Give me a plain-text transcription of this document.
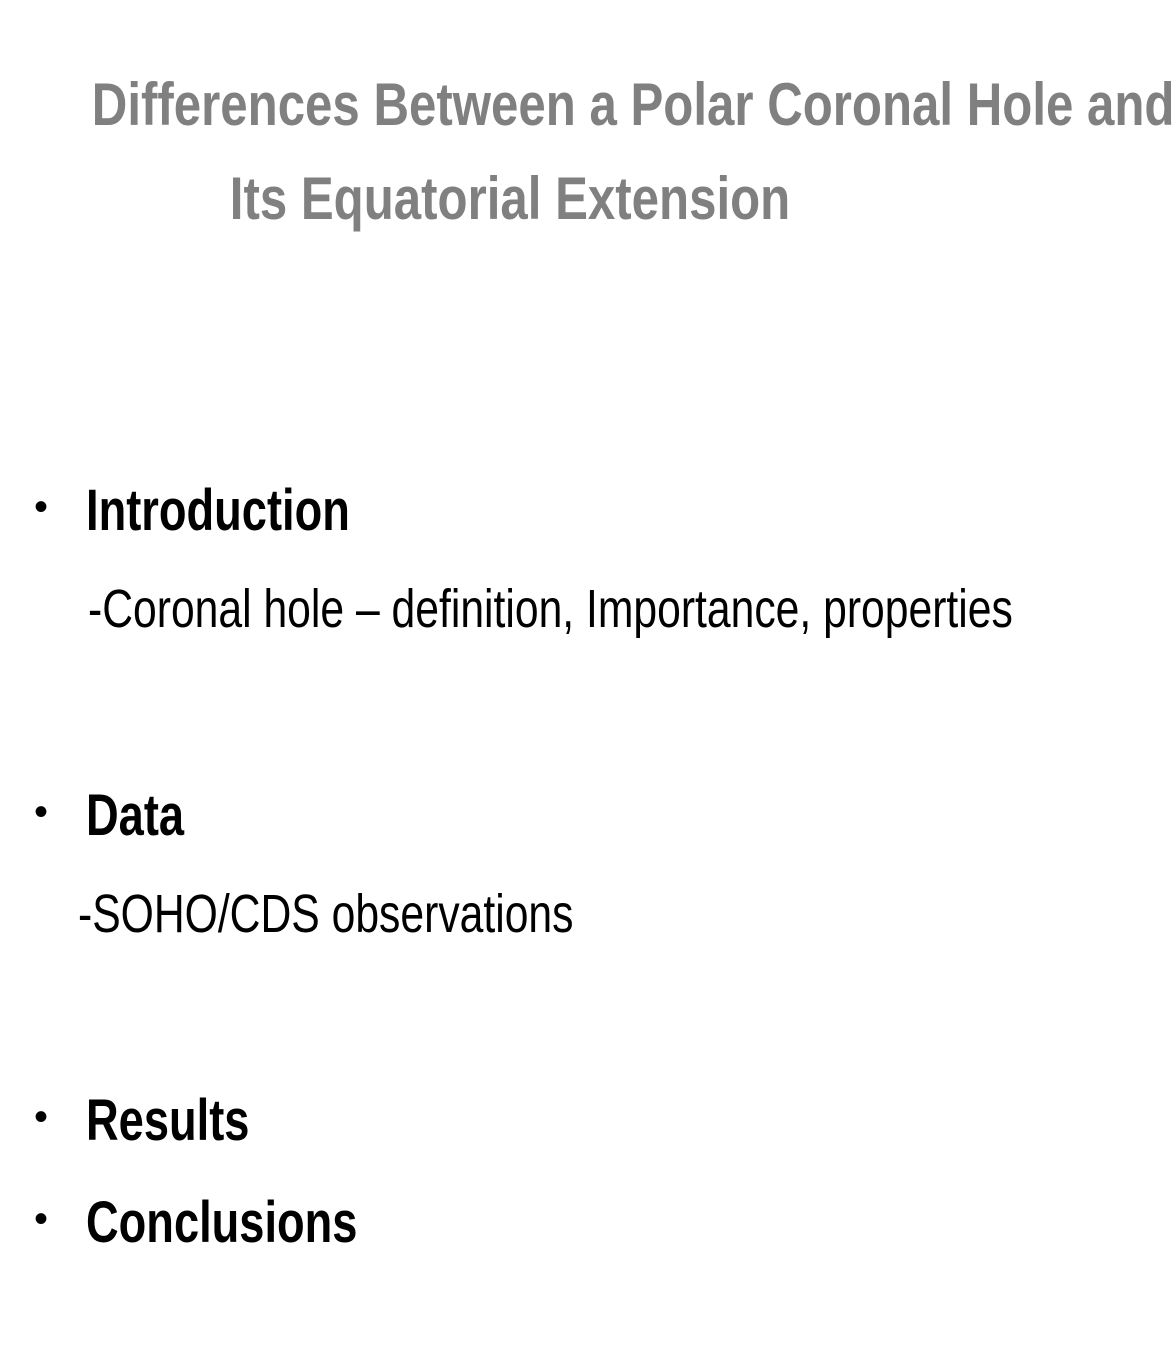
Differences Between a Polar Coronal Hole and
Its Equatorial Extension
• Introduction
-Coronal hole – definition, Importance, properties
• Data
-SOHO/CDS observations
• Results
• Conclusions
